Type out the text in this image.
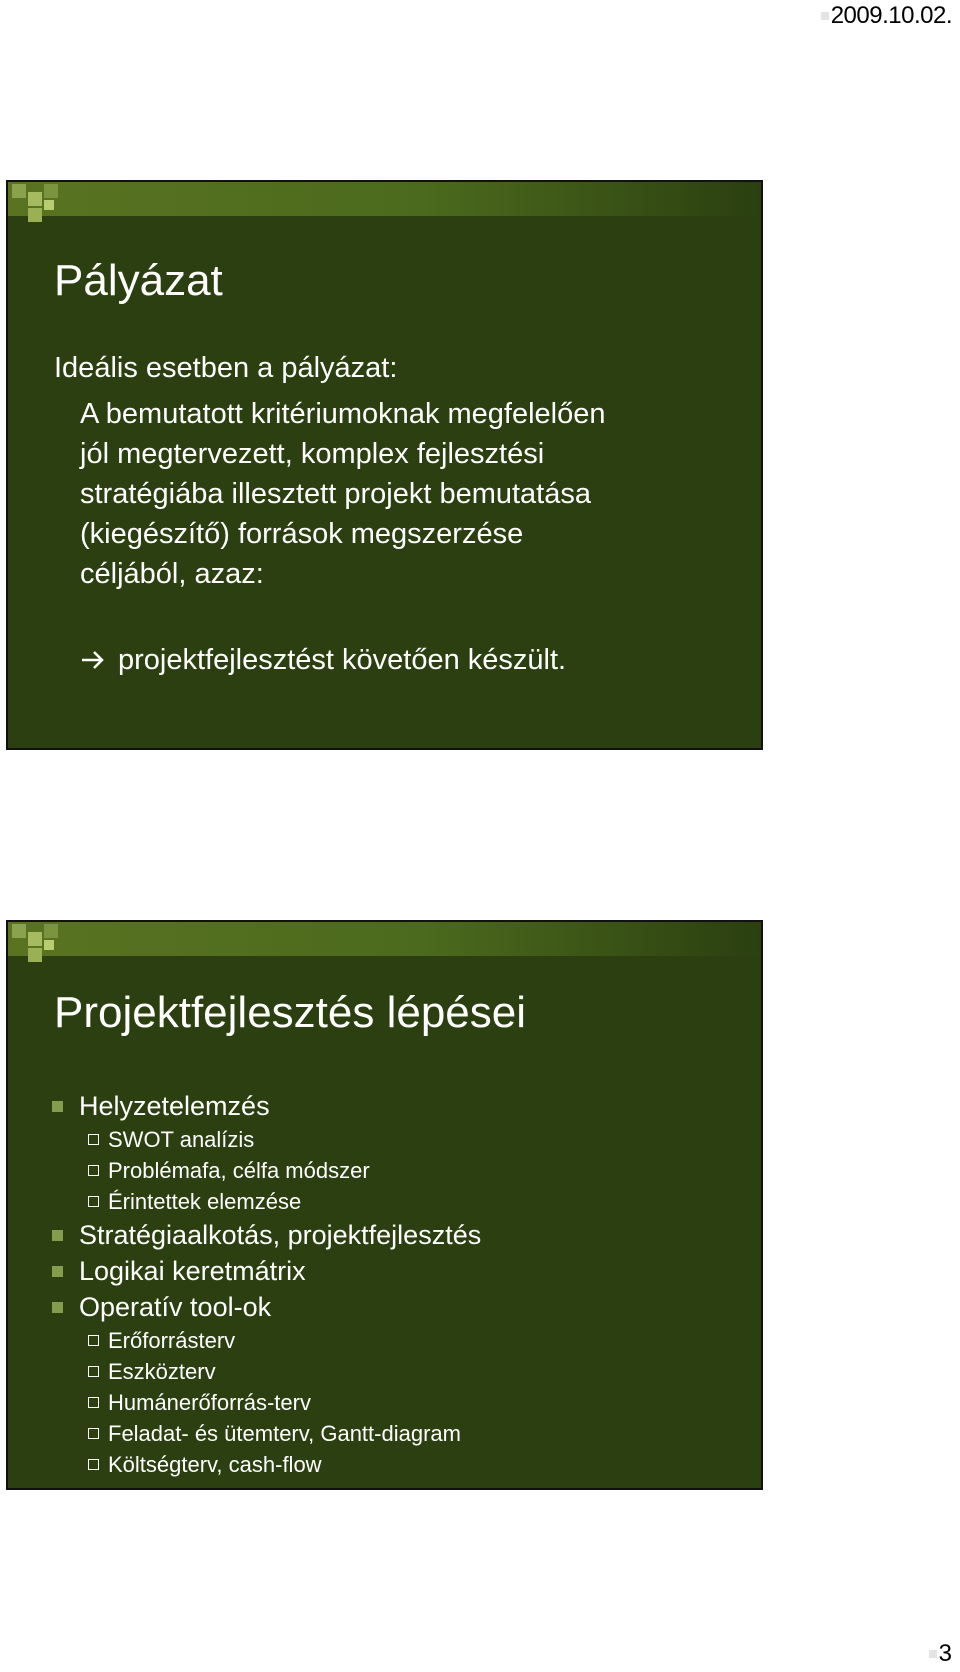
2009.10.02.
Pályázat
Ideális esetben a pályázat:
A bemutatott kritériumoknak megfelelően
jól megtervezett, komplex fejlesztési
stratégiába illesztett projekt bemutatása
(kiegészítő) források megszerzése
céljából, azaz:
projektfejlesztést követően készült.
Projektfejlesztés lépései
Helyzetelemzés
SWOT analízis
Problémafa, célfa módszer
Érintettek elemzése
Stratégiaalkotás, projektfejlesztés
Logikai keretmátrix
Operatív tool-ok
Erőforrásterv
Eszközterv
Humánerőforrás-terv
Feladat- és ütemterv, Gantt-diagram
Költségterv, cash-flow
3
